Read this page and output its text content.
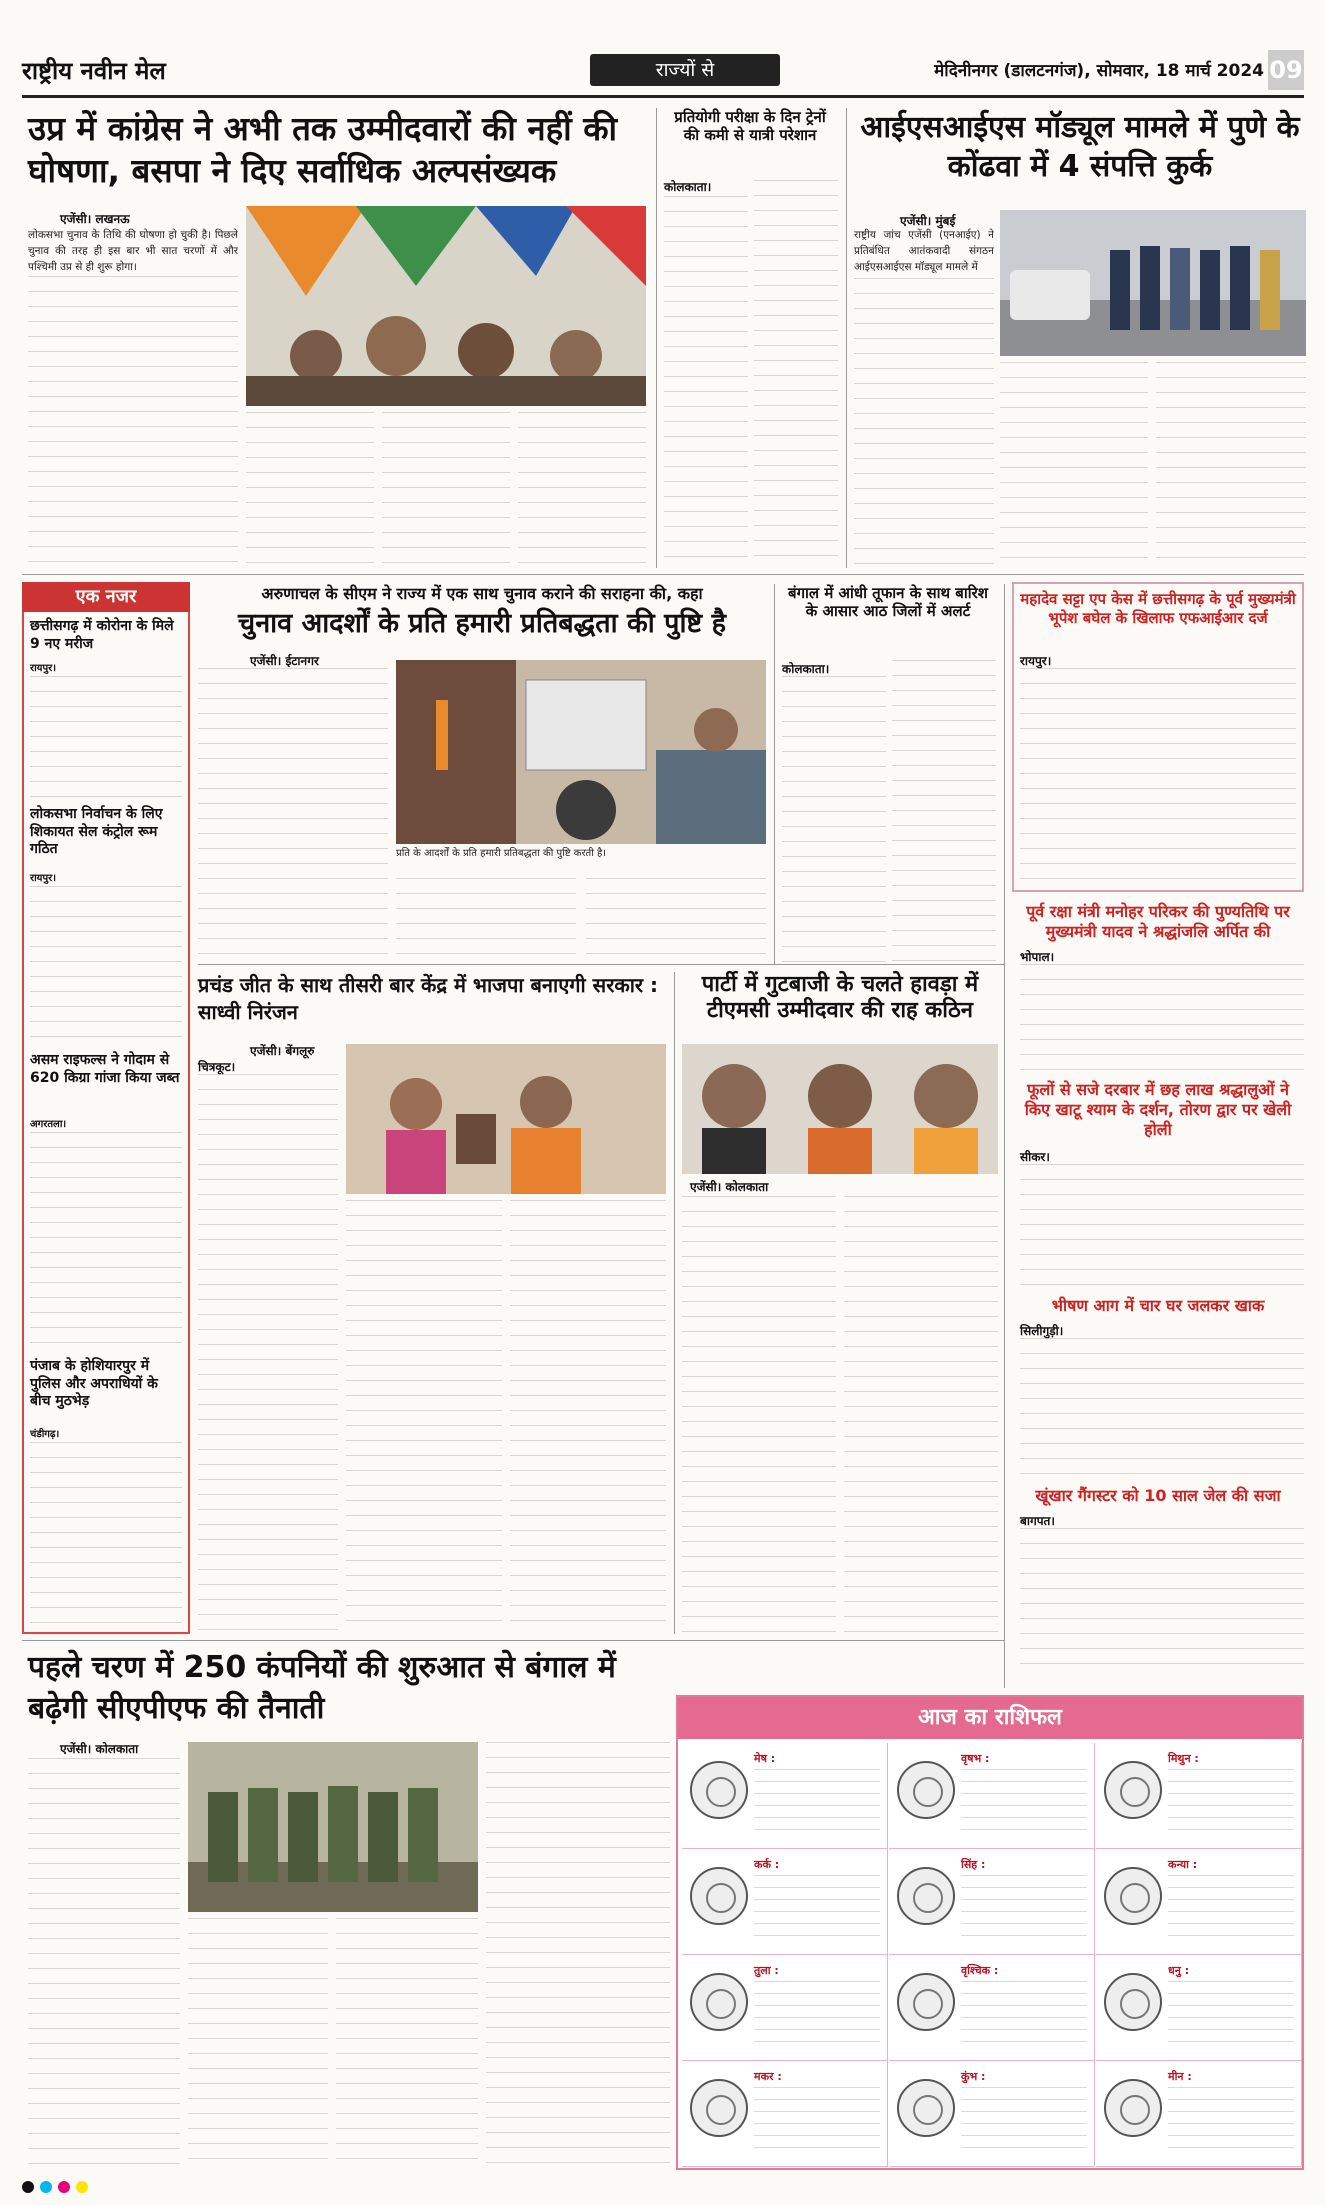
राष्ट्रीय नवीन मेल	राज्यों से	मेदिनीनगर (डालटनगंज), सोमवार, 18 मार्च 2024 09
उप्र में कांग्रेस ने अभी तक उम्मीदवारों की नहीं की घोषणा, बसपा ने दिए सर्वाधिक अल्पसंख्यक
एजेंसी। लखनऊ
लोकसभा चुनाव के तिथि की घोषणा हो चुकी है। पिछले चुनाव की तरह ही इस बार भी सात चरणों में और पश्चिमी उप्र से ही शुरू होगा।
प्रतियोगी परीक्षा के दिन ट्रेनों की कमी से यात्री परेशान
कोलकाता।
आईएसआईएस मॉड्यूल मामले में पुणे के कोंढवा में 4 संपत्ति कुर्क
एजेंसी। मुंबई
राष्ट्रीय जांच एजेंसी (एनआईए) ने प्रतिबंधित आतंकवादी संगठन आईएसआईएस मॉड्यूल मामले में
एक नजर
छत्तीसगढ़ में कोरोना के मिले 9 नए मरीज
रायपुर।
लोकसभा निर्वाचन के लिए शिकायत सेल कंट्रोल रूम गठित
रायपुर।
असम राइफल्स ने गोदाम से 620 किग्रा गांजा किया जब्त
अगरतला।
पंजाब के होशियारपुर में पुलिस और अपराधियों के बीच मुठभेड़
चंडीगढ़।
अरुणाचल के सीएम ने राज्य में एक साथ चुनाव कराने की सराहना की, कहा
चुनाव आदर्शों के प्रति हमारी प्रतिबद्धता की पुष्टि है
एजेंसी। ईटानगर
प्रति के आदर्शों के प्रति हमारी प्रतिबद्धता की पुष्टि करती है।
बंगाल में आंधी तूफान के साथ बारिश के आसार आठ जिलों में अलर्ट
कोलकाता।
महादेव सट्टा एप केस में छत्तीसगढ़ के पूर्व मुख्यमंत्री भूपेश बघेल के खिलाफ एफआईआर दर्ज
रायपुर।
पूर्व रक्षा मंत्री मनोहर परिकर की पुण्यतिथि पर मुख्यमंत्री यादव ने श्रद्धांजलि अर्पित की
भोपाल।
फूलों से सजे दरबार में छह लाख श्रद्धालुओं ने किए खाटू श्याम के दर्शन, तोरण द्वार पर खेली होली
सीकर।
भीषण आग में चार घर जलकर खाक
सिलीगुड़ी।
खूंखार गैंगस्टर को 10 साल जेल की सजा
बागपत।
प्रचंड जीत के साथ तीसरी बार केंद्र में भाजपा बनाएगी सरकार : साध्वी निरंजन
एजेंसी। बेंगलूरु
चित्रकूट।
पार्टी में गुटबाजी के चलते हावड़ा में टीएमसी उम्मीदवार की राह कठिन
एजेंसी। कोलकाता
पहले चरण में 250 कंपनियों की शुरुआत से बंगाल में बढ़ेगी सीएपीएफ की तैनाती
एजेंसी। कोलकाता
आज का राशिफल
मेष :	वृषभ :	मिथुन :
कर्क :	सिंह :	कन्या :
तुला :	वृश्चिक :	धनु :
मकर :	कुंभ :	मीन :
